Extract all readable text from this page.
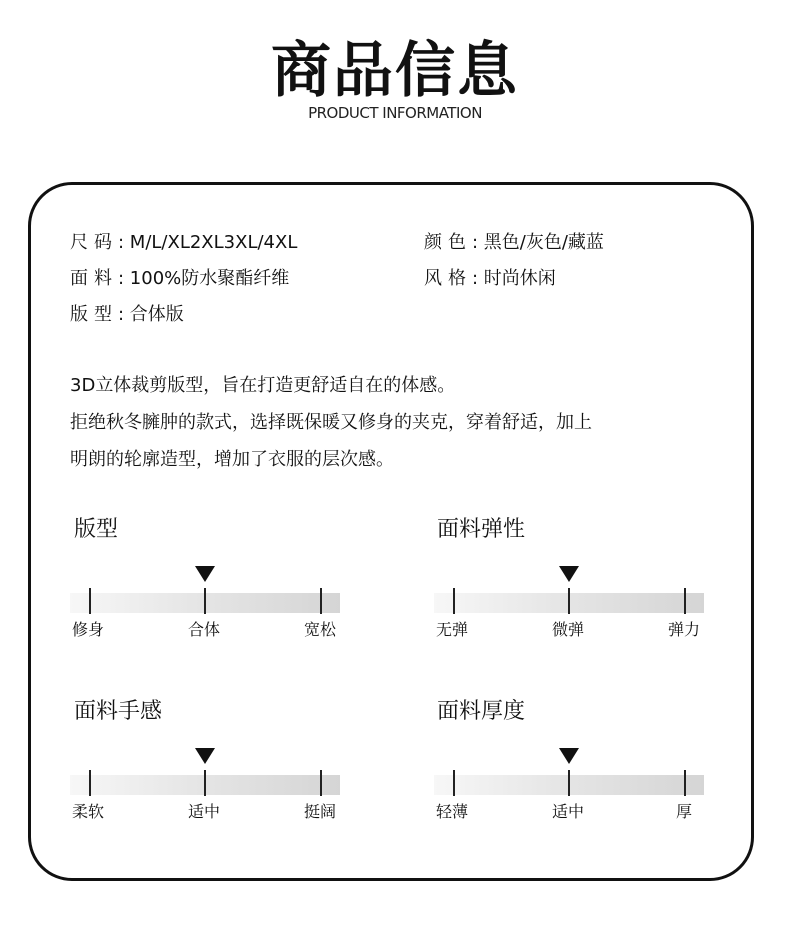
商品信息
PRODUCT INFORMATION
尺码: M/L/XL2XL3XL/4XL	颜色: 黑色/灰色/藏蓝
面料: 100%防水聚酯纤维	风格: 时尚休闲
版型: 合体版
3D立体裁剪版型，旨在打造更舒适自在的体感。
拒绝秋冬臃肿的款式，选择既保暖又修身的夹克，穿着舒适，加上
明朗的轮廓造型，增加了衣服的层次感。
版型
修身	合体	宽松
面料弹性
无弹	微弹	弹力
面料手感
柔软	适中	挺阔
面料厚度
轻薄	适中	厚
